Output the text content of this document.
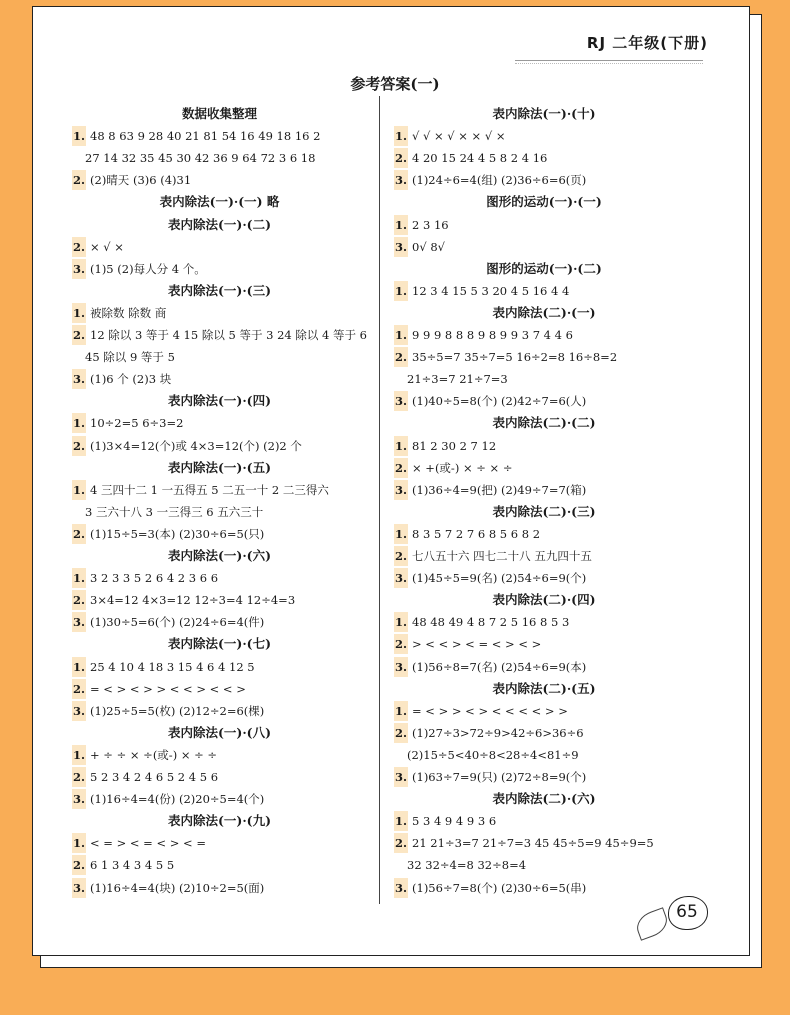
RJ 二年级(下册)
参考答案(一)
数据收集整理
1. 48 8 63 9 28 40 21 81 54 16 49 18 16 2
27 14 32 35 45 30 42 36 9 64 72 3 6 18
2. (2)晴天 (3)6 (4)31
表内除法(一)·(一) 略
表内除法(一)·(二)
2. × √ ×
3. (1)5 (2)每人分 4 个。
表内除法(一)·(三)
1. 被除数 除数 商
2. 12 除以 3 等于 4 15 除以 5 等于 3 24 除以 4 等于 6
45 除以 9 等于 5
3. (1)6 个 (2)3 块
表内除法(一)·(四)
1. 10÷2=5 6÷3=2
2. (1)3×4=12(个)或 4×3=12(个) (2)2 个
表内除法(一)·(五)
1. 4 三四十二 1 一五得五 5 二五一十 2 二三得六
3 三六十八 3 一三得三 6 五六三十
2. (1)15÷5=3(本) (2)30÷6=5(只)
表内除法(一)·(六)
1. 3 2 3 3 5 2 6 4 2 3 6 6
2. 3×4=12 4×3=12 12÷3=4 12÷4=3
3. (1)30÷5=6(个) (2)24÷6=4(件)
表内除法(一)·(七)
1. 25 4 10 4 18 3 15 4 6 4 12 5
2. = < > < > > < < > < < >
3. (1)25÷5=5(枚) (2)12÷2=6(棵)
表内除法(一)·(八)
1. + ÷ ÷ × ÷(或-) × ÷ ÷
2. 5 2 3 4 2 4 6 5 2 4 5 6
3. (1)16÷4=4(份) (2)20÷5=4(个)
表内除法(一)·(九)
1. < = > < = < > < =
2. 6 1 3 4 3 4 5 5
3. (1)16÷4=4(块) (2)10÷2=5(面)
表内除法(一)·(十)
1. √ √ × √ × × √ ×
2. 4 20 15 24 4 5 8 2 4 16
3. (1)24÷6=4(组) (2)36÷6=6(页)
图形的运动(一)·(一)
1. 2 3 16
3. 0√ 8√
图形的运动(一)·(二)
1. 12 3 4 15 5 3 20 4 5 16 4 4
表内除法(二)·(一)
1. 9 9 9 8 8 8 9 8 9 9 3 7 4 4 6
2. 35÷5=7 35÷7=5 16÷2=8 16÷8=2
21÷3=7 21÷7=3
3. (1)40÷5=8(个) (2)42÷7=6(人)
表内除法(二)·(二)
1. 81 2 30 2 7 12
2. × +(或-) × ÷ × ÷
3. (1)36÷4=9(把) (2)49÷7=7(箱)
表内除法(二)·(三)
1. 8 3 5 7 2 7 6 8 5 6 8 2
2. 七八五十六 四七二十八 五九四十五
3. (1)45÷5=9(名) (2)54÷6=9(个)
表内除法(二)·(四)
1. 48 48 49 4 8 7 2 5 16 8 5 3
2. > < < > < = < > < >
3. (1)56÷8=7(名) (2)54÷6=9(本)
表内除法(二)·(五)
1. = < > > < > < < < < > >
2. (1)27÷3>72÷9>42÷6>36÷6
(2)15÷5<40÷8<28÷4<81÷9
3. (1)63÷7=9(只) (2)72÷8=9(个)
表内除法(二)·(六)
1. 5 3 4 9 4 9 3 6
2. 21 21÷3=7 21÷7=3 45 45÷5=9 45÷9=5
32 32÷4=8 32÷8=4
3. (1)56÷7=8(个) (2)30÷6=5(串)
65
